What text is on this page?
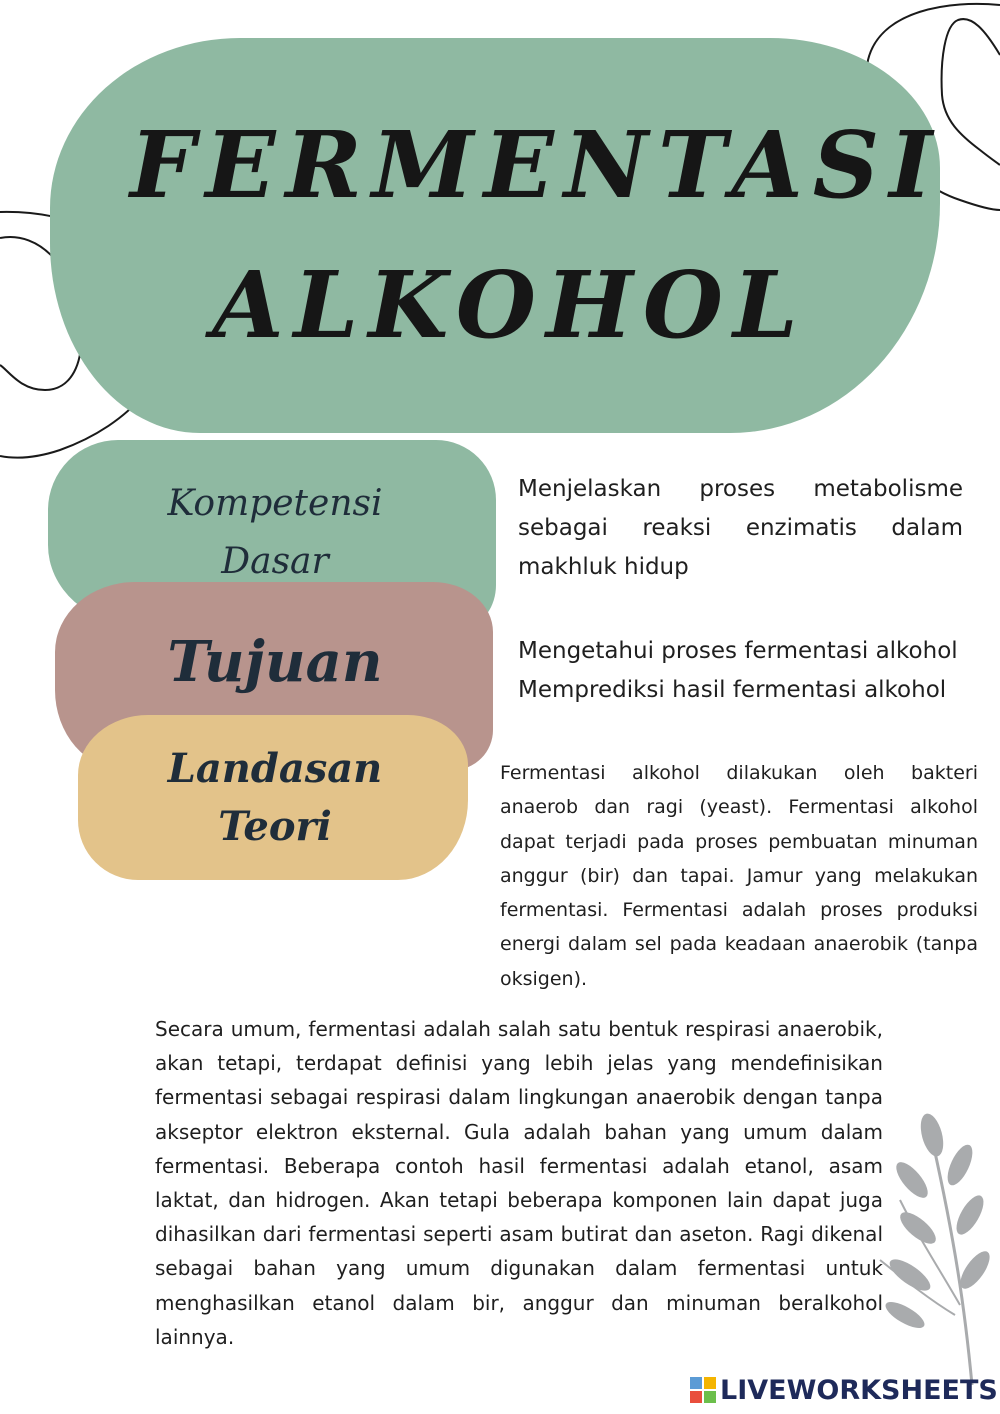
FERMENTASI
ALKOHOL
Kompetensi
Dasar
Tujuan
Landasan
Teori
Menjelaskan proses metabolisme sebagai reaksi enzimatis dalam makhluk hidup
Mengetahui proses fermentasi alkohol
Memprediksi hasil fermentasi alkohol
Fermentasi alkohol dilakukan oleh bakteri anaerob dan ragi (yeast). Fermentasi alkohol dapat terjadi pada proses pembuatan minuman anggur (bir) dan tapai. Jamur yang melakukan fermentasi. Fermentasi adalah proses produksi energi dalam sel pada keadaan anaerobik (tanpa oksigen).
Secara umum, fermentasi adalah salah satu bentuk respirasi anaerobik, akan tetapi, terdapat definisi yang lebih jelas yang mendefinisikan fermentasi sebagai respirasi dalam lingkungan anaerobik dengan tanpa akseptor elektron eksternal. Gula adalah bahan yang umum dalam fermentasi. Beberapa contoh hasil fermentasi adalah etanol, asam laktat, dan hidrogen. Akan tetapi beberapa komponen lain dapat juga dihasilkan dari fermentasi seperti asam butirat dan aseton. Ragi dikenal sebagai bahan yang umum digunakan dalam fermentasi untuk menghasilkan etanol dalam bir, anggur dan minuman beralkohol lainnya.
LIVEWORKSHEETS
